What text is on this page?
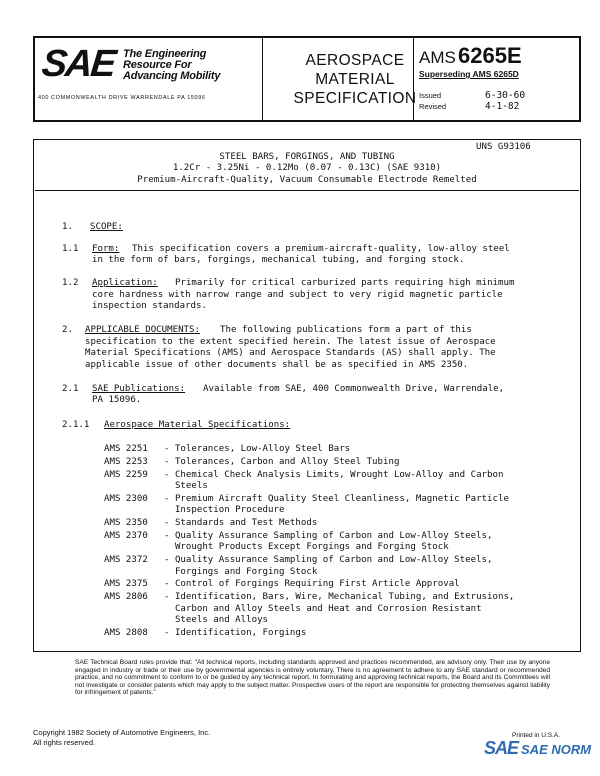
SAE The Engineering
Resource For
Advancing Mobility
400 COMMONWEALTH DRIVE WARRENDALE PA 15096
AEROSPACE
MATERIAL
SPECIFICATION
AMS 6265E
Superseding AMS 6265D
Issued	6-30-60
Revised	4-1-82
UNS G93106
STEEL BARS, FORGINGS, AND TUBING
1.2Cr - 3.25Ni - 0.12Mo (0.07 - 0.13C) (SAE 9310)
Premium-Aircraft-Quality, Vacuum Consumable Electrode Remelted
1. SCOPE:
1.1 Form: This specification covers a premium-aircraft-quality, low-alloy steel
in the form of bars, forgings, mechanical tubing, and forging stock.
1.2 Application: Primarily for critical carburized parts requiring high minimum
core hardness with narrow range and subject to very rigid magnetic particle
inspection standards.
2. APPLICABLE DOCUMENTS: The following publications form a part of this
specification to the extent specified herein. The latest issue of Aerospace
Material Specifications (AMS) and Aerospace Standards (AS) shall apply. The
applicable issue of other documents shall be as specified in AMS 2350.
2.1 SAE Publications: Available from SAE, 400 Commonwealth Drive, Warrendale,
PA 15096.
2.1.1 Aerospace Material Specifications:
AMS 2251 - Tolerances, Low-Alloy Steel Bars
AMS 2253 - Tolerances, Carbon and Alloy Steel Tubing
AMS 2259 - Chemical Check Analysis Limits, Wrought Low-Alloy and Carbon
Steels
AMS 2300 - Premium Aircraft Quality Steel Cleanliness, Magnetic Particle
Inspection Procedure
AMS 2350 - Standards and Test Methods
AMS 2370 - Quality Assurance Sampling of Carbon and Low-Alloy Steels,
Wrought Products Except Forgings and Forging Stock
AMS 2372 - Quality Assurance Sampling of Carbon and Low-Alloy Steels,
Forgings and Forging Stock
AMS 2375 - Control of Forgings Requiring First Article Approval
AMS 2806 - Identification, Bars, Wire, Mechanical Tubing, and Extrusions,
Carbon and Alloy Steels and Heat and Corrosion Resistant
Steels and Alloys
AMS 2808 - Identification, Forgings
SAE Technical Board rules provide that: "All technical reports, including standards approved and practices recommended, are advisory only. Their use by anyone engaged in industry or trade or their use by governmental agencies is entirely voluntary. There is no agreement to adhere to any SAE standard or recommended practice, and no commitment to conform to or be guided by any technical report. In formulating and approving technical reports, the Board and its Committees will not investigate or consider patents which may apply to the subject matter. Prospective users of the report are responsible for protecting themselves against liability for infringement of patents."
Copyright 1982 Society of Automotive Engineers, Inc.
All rights reserved.
Printed in U.S.A.
SAE SAE NORM
